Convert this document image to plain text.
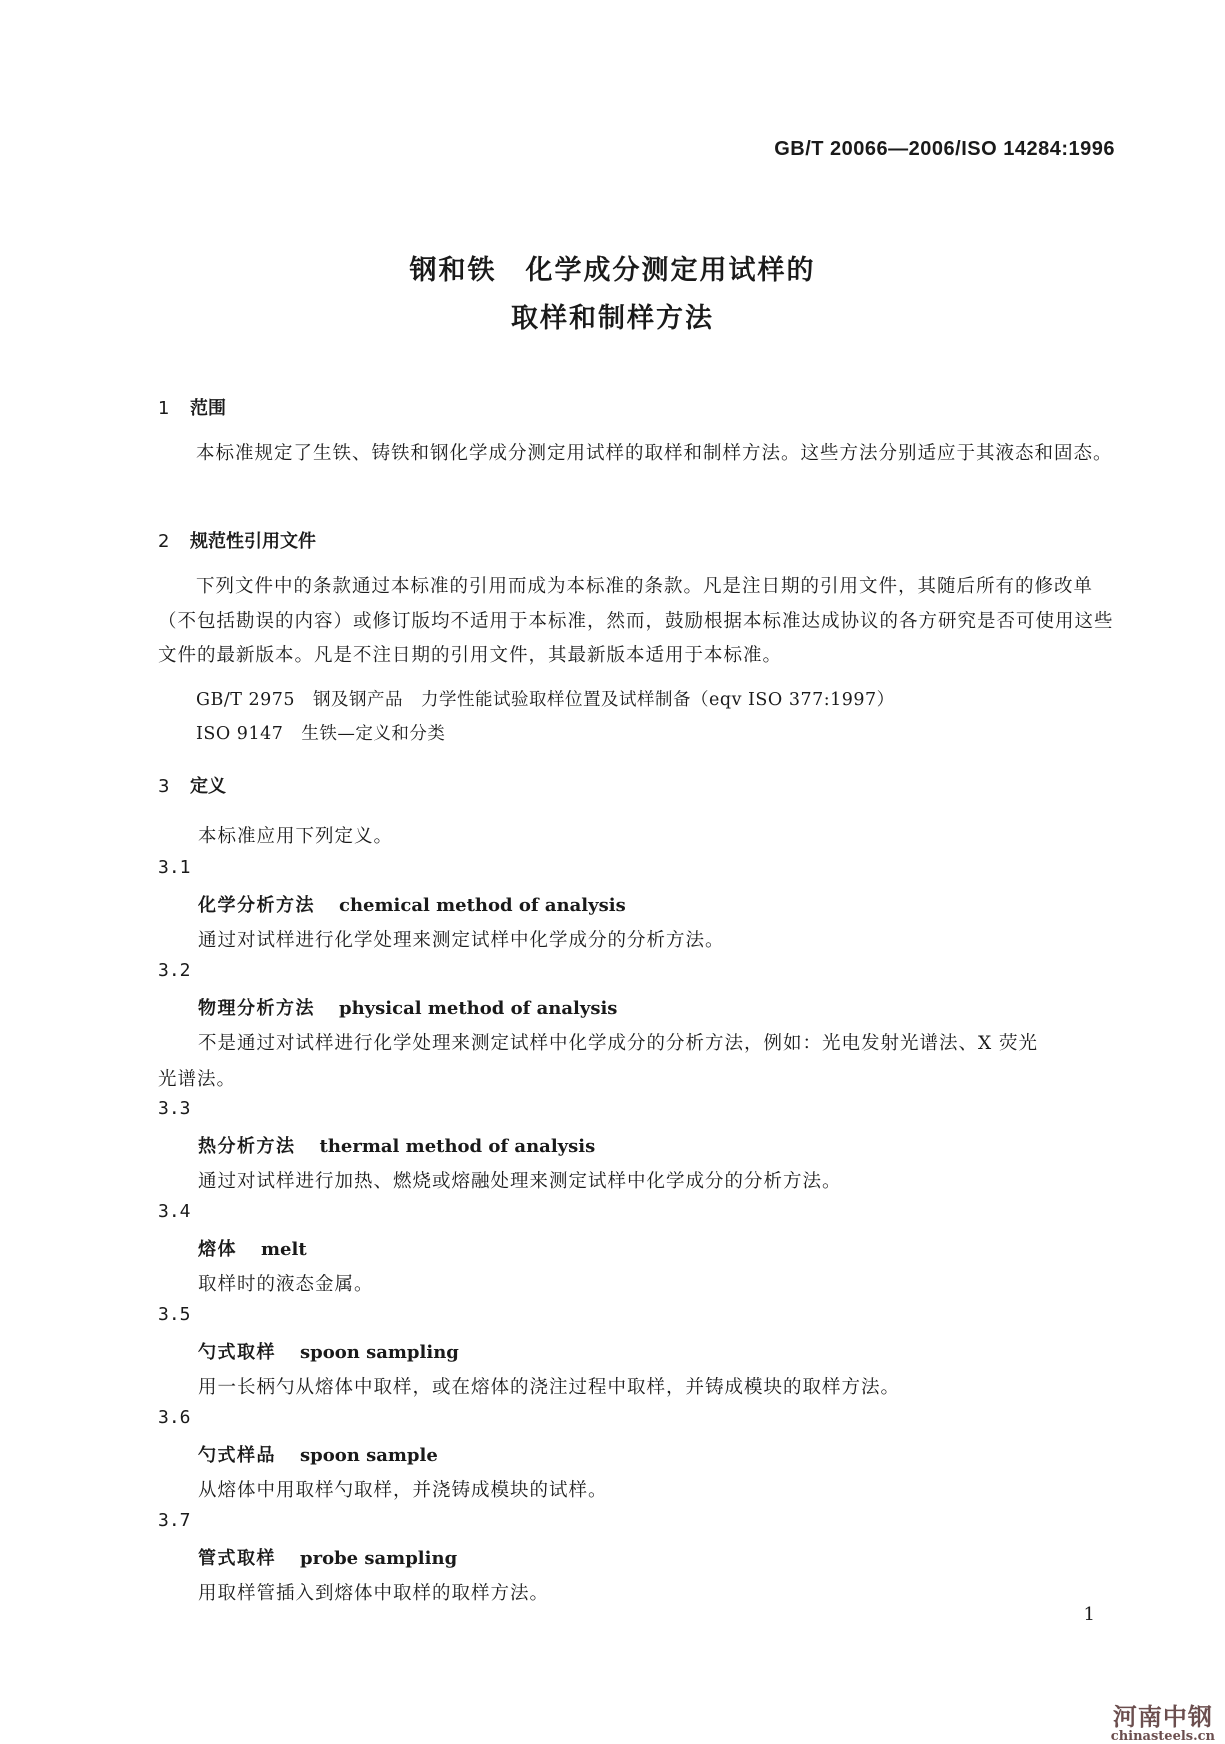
GB/T 20066—2006/ISO 14284:1996
钢和铁　化学成分测定用试样的
取样和制样方法
1 范围
本标准规定了生铁、铸铁和钢化学成分测定用试样的取样和制样方法。这些方法分别适应于其液态和固态。
2 规范性引用文件
下列文件中的条款通过本标准的引用而成为本标准的条款。凡是注日期的引用文件，其随后所有的修改单（不包括勘误的内容）或修订版均不适用于本标准，然而，鼓励根据本标准达成协议的各方研究是否可使用这些文件的最新版本。凡是不注日期的引用文件，其最新版本适用于本标准。
GB/T 2975　钢及钢产品　力学性能试验取样位置及试样制备（eqv ISO 377:1997）
ISO 9147　生铁—定义和分类
3 定义
本标准应用下列定义。
3.1
化学分析方法 chemical method of analysis
通过对试样进行化学处理来测定试样中化学成分的分析方法。
3.2
物理分析方法 physical method of analysis
不是通过对试样进行化学处理来测定试样中化学成分的分析方法，例如：光电发射光谱法、X 荧光
光谱法。
3.3
热分析方法 thermal method of analysis
通过对试样进行加热、燃烧或熔融处理来测定试样中化学成分的分析方法。
3.4
熔体 melt
取样时的液态金属。
3.5
勺式取样 spoon sampling
用一长柄勺从熔体中取样，或在熔体的浇注过程中取样，并铸成模块的取样方法。
3.6
勺式样品 spoon sample
从熔体中用取样勺取样，并浇铸成模块的试样。
3.7
管式取样 probe sampling
用取样管插入到熔体中取样的取样方法。
1
河南中钢
chinasteels.cn
